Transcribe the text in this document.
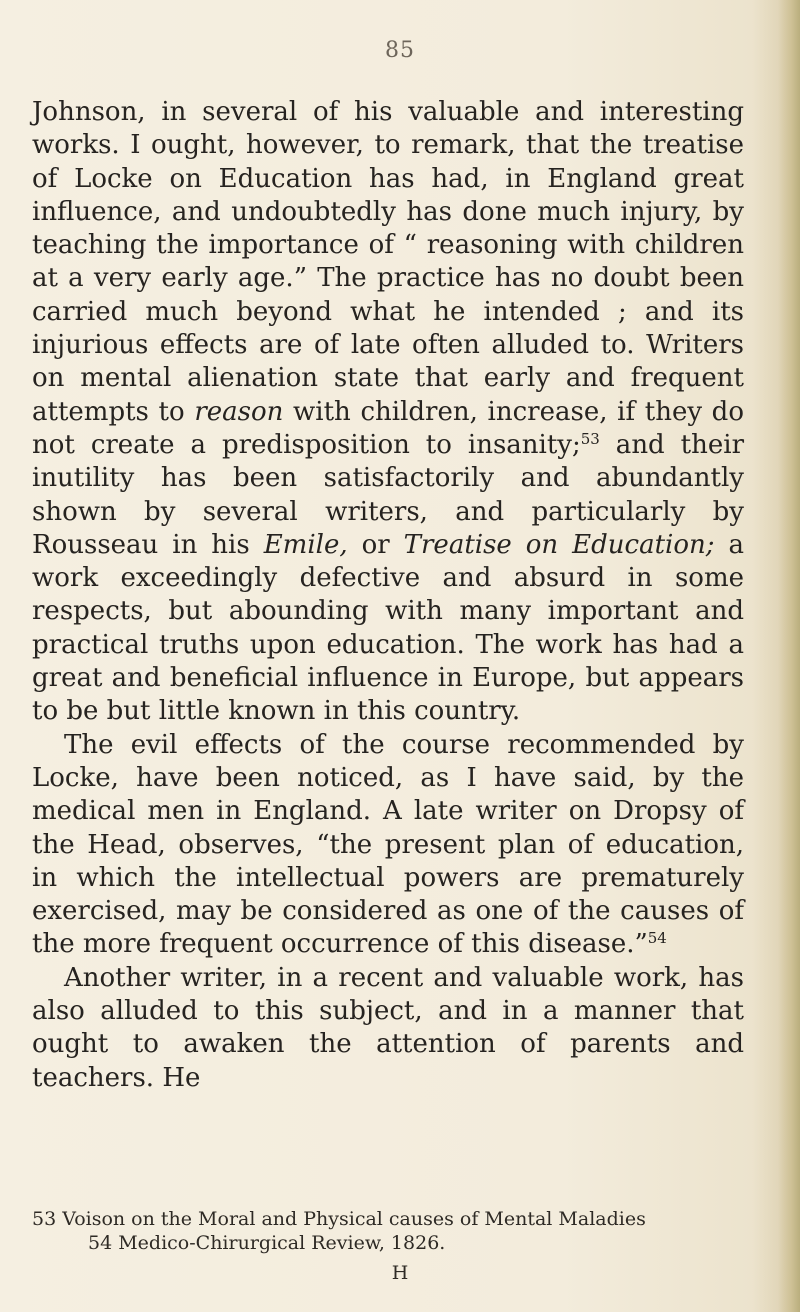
85

Johnson, in several of his valuable and interesting works. I ought, however, to remark, that the treatise of Locke on Education has had, in England great influence, and undoubtedly has done much injury, by teaching the importance of “ reasoning with children at a very early age.” The practice has no doubt been carried much beyond what he intended ; and its injurious effects are of late often alluded to. Writers on mental alienation state that early and frequent attempts to reason with children, increase, if they do not create a predisposition to insanity;$^{53}$ and their inutility has been satisfactorily and abundantly shown by several writers, and particularly by Rousseau in his Emile, or Treatise on Education; a work exceedingly defective and absurd in some respects, but abounding with many important and practical truths upon education. The work has had a great and beneficial influence in Europe, but appears to be but little known in this country.

The evil effects of the course recommended by Locke, have been noticed, as I have said, by the medical men in England. A late writer on Dropsy of the Head, observes, “the present plan of education, in which the intellectual powers are prematurely exercised, may be considered as one of the causes of the more frequent occurrence of this disease.”$^{54}$

Another writer, in a recent and valuable work, has also alluded to this subject, and in a manner that ought to awaken the attention of parents and teachers. He

53 Voison on the Moral and Physical causes of Mental Maladies

54 Medico-Chirurgical Review, 1826.

H
